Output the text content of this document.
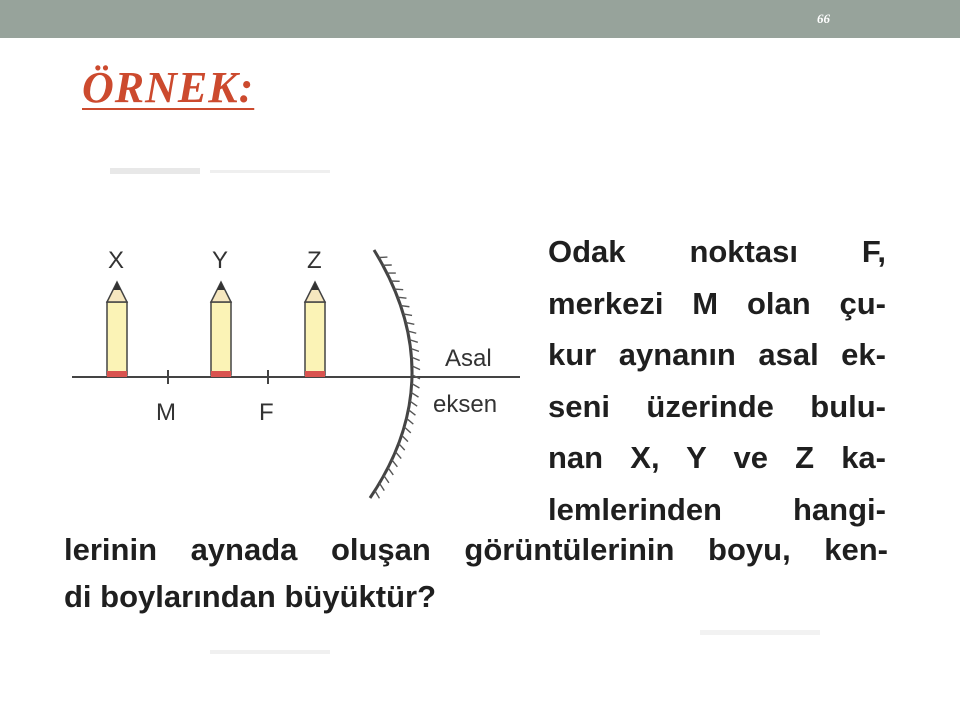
66
ÖRNEK:
M	F
X	Y	Z
Asal
eksen
Odak noktası F,
merkezi M olan çu-
kur aynanın asal ek-
seni üzerinde bulu-
nan X, Y ve Z ka-
lemlerinden hangi-
lerinin aynada oluşan görüntülerinin boyu, ken-
di boylarından büyüktür?
